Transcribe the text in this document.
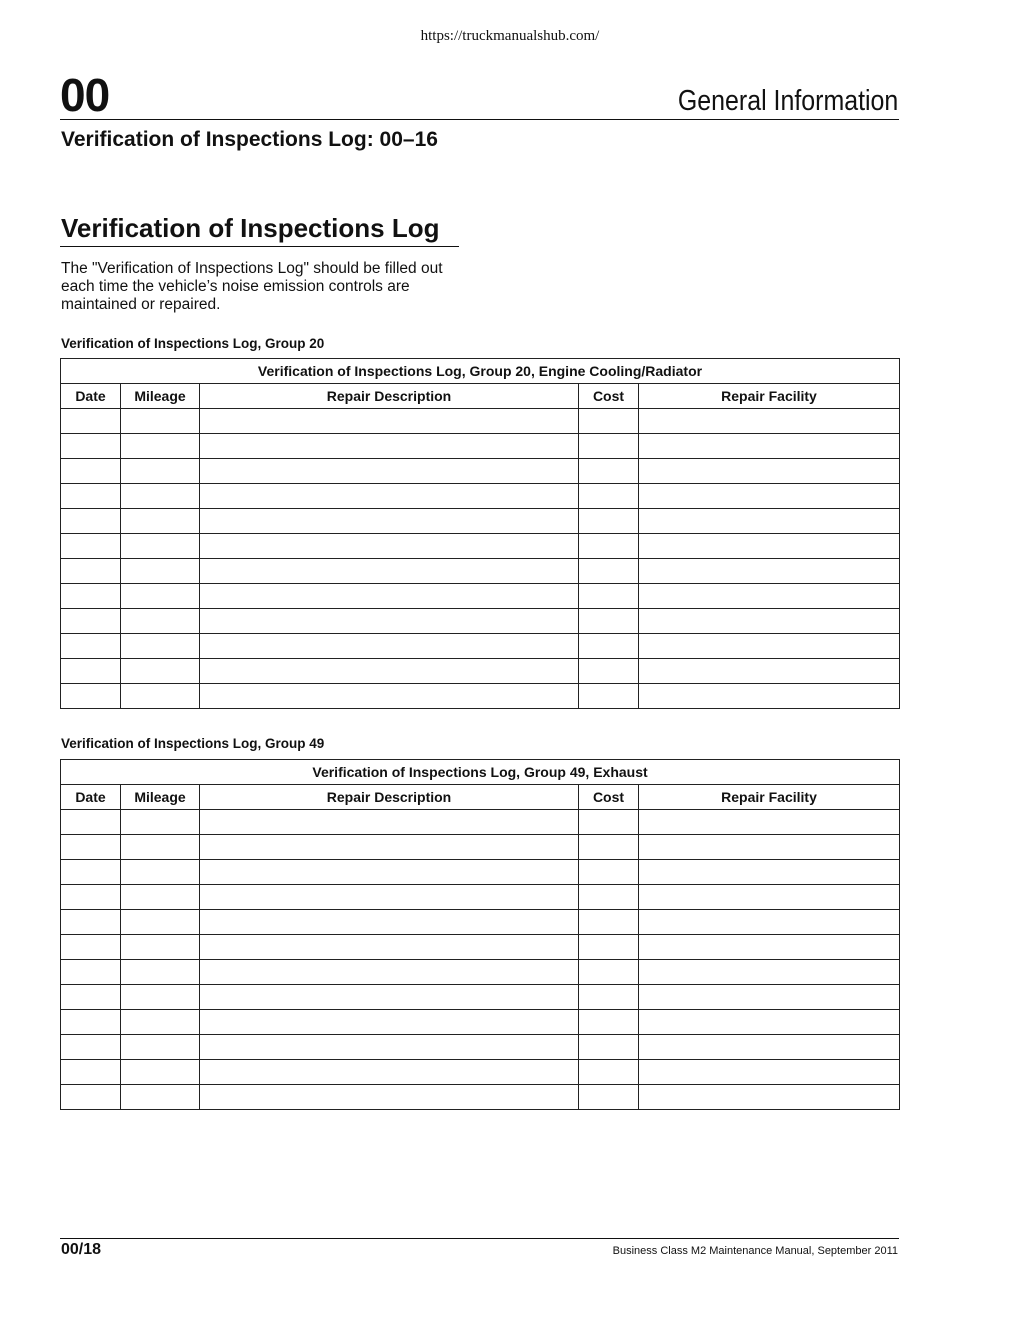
https://truckmanualshub.com/
00	General Information
Verification of Inspections Log: 00–16
Verification of Inspections Log
The "Verification of Inspections Log" should be filled out each time the vehicle’s noise emission controls are maintained or repaired.
Verification of Inspections Log, Group 20
Verification of Inspections Log, Group 20, Engine Cooling/Radiator				
Date	Mileage	Repair Description	Cost	Repair Facility

Verification of Inspections Log, Group 49
Verification of Inspections Log, Group 49, Exhaust				
Date	Mileage	Repair Description	Cost	Repair Facility

00/18	Business Class M2 Maintenance Manual, September 2011
